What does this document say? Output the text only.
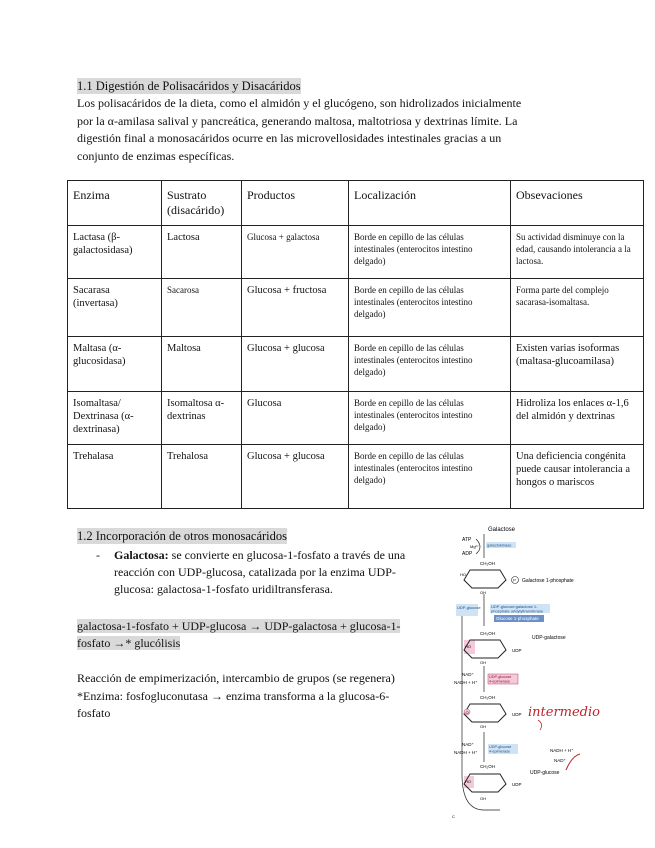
1.1 Digestión de Polisacáridos y Disacáridos
Los polisacáridos de la dieta, como el almidón y el glucógeno, son hidrolizados inicialmente
por la α-amilasa salival y pancreática, generando maltosa, maltotriosa y dextrinas límite. La
digestión final a monosacáridos ocurre en las microvellosidades intestinales gracias a un
conjunto de enzimas específicas.
Enzima	Sustrato (disacárido)	Productos	Localización	Obsevaciones
Lactasa (β-galactosidasa)	Lactosa	Glucosa + galactosa	Borde en cepillo de las células intestinales (enterocitos intestino delgado)	Su actividad disminuye con la edad, causando intolerancia a la lactosa.
Sacarasa (invertasa)	Sacarosa	Glucosa + fructosa	Borde en cepillo de las células intestinales (enterocitos intestino delgado)	Forma parte del complejo sacarasa-isomaltasa.
Maltasa (α-glucosidasa)	Maltosa	Glucosa + glucosa	Borde en cepillo de las células intestinales (enterocitos intestino delgado)	Existen varias isoformas (maltasa-glucoamilasa)
Isomaltasa/ Dextrinasa (α-dextrinasa)	Isomaltosa α-dextrinas	Glucosa	Borde en cepillo de las células intestinales (enterocitos intestino delgado)	Hidroliza los enlaces α-1,6 del almidón y dextrinas
Trehalasa	Trehalosa	Glucosa + glucosa	Borde en cepillo de las células intestinales (enterocitos intestino delgado)	Una deficiencia congénita puede causar intolerancia a hongos o mariscos
1.2 Incorporación de otros monosacáridos
- Galactosa: se convierte en glucosa-1-fosfato a través de una reacción con UDP-glucosa, catalizada por la enzima UDP-glucosa: galactosa-1-fosfato uridiltransferasa.
galactosa-1-fosfato + UDP-glucosa → UDP-galactosa + glucosa-1-fosfato →* glucólisis
Reacción de empimerización, intercambio de grupos (se regenera)
*Enzima: fosfogluconutasa → enzima transforma a la glucosa-6-fosfato
Galactose
ATP
Mg²⁺
ADP
galactokinase
CH₂OH
HO
OH
P Galactose 1-phosphate
UDP-glucose	UDP-glucose:galactose 1-
phosphate uridylyltransferase
Glucose 1-phosphate
CH₂OH
HO
OH
UDP
UDP-galactose
NAD⁺
NADH + H⁺
UDP-glucose
4-epimerase
CH₂OH
O
OH
UDP intermedio
NAD⁺
NADH + H⁺
UDP-glucose
4-epimerase	NADH + H⁺
NAD⁺
UDP-glucose
CH₂OH
HO
OH
UDP
C
